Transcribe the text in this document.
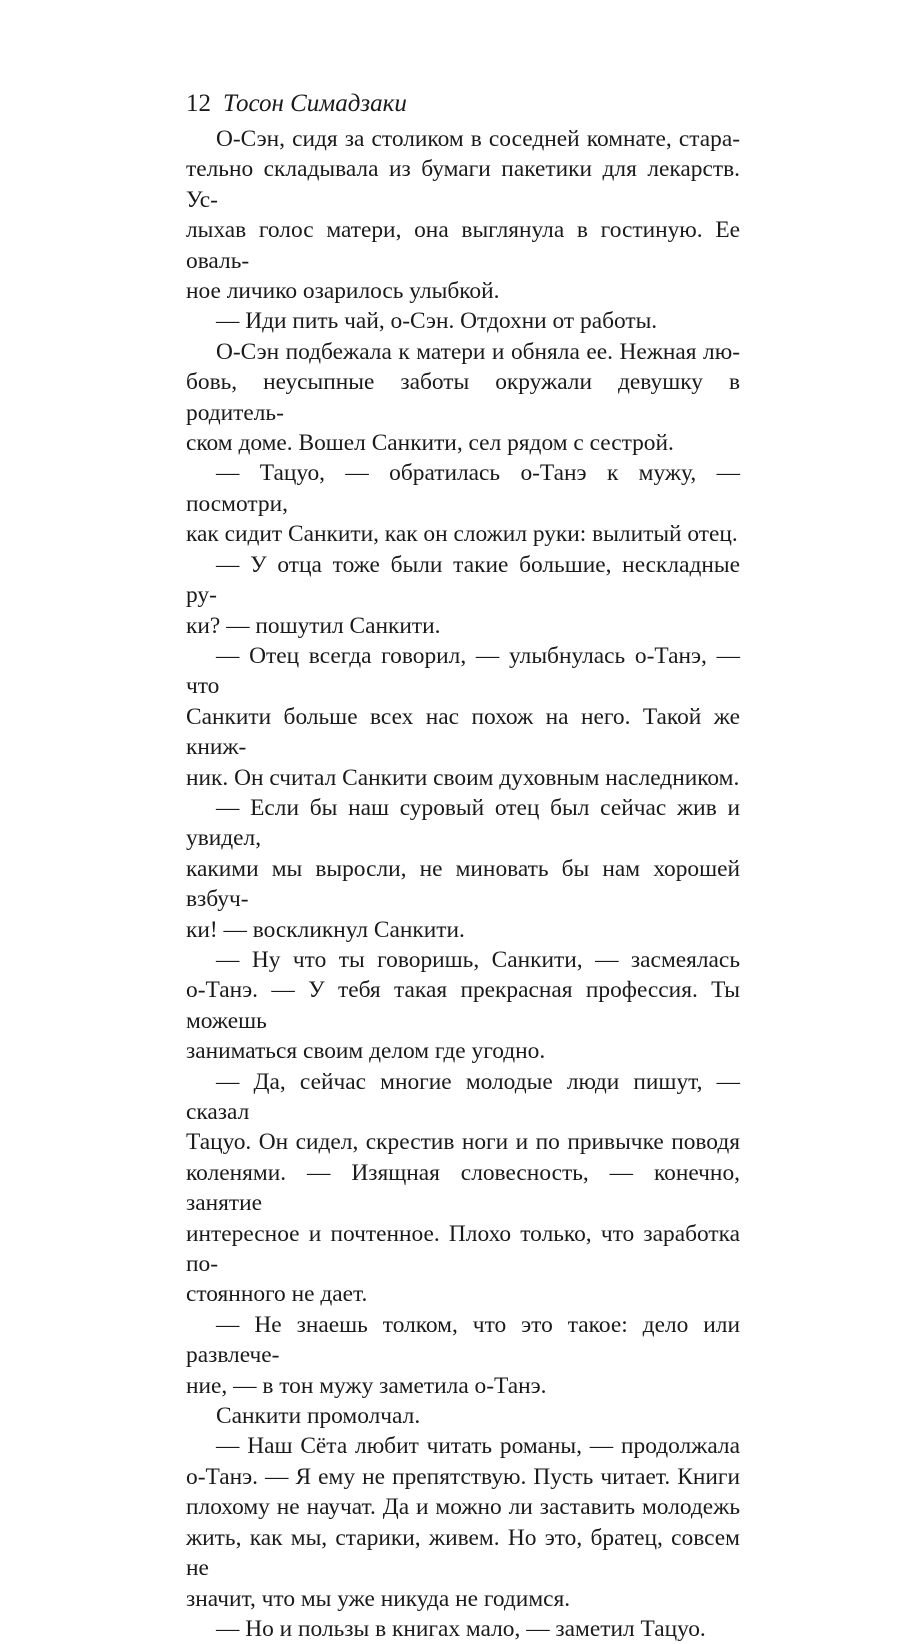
12 Тосон Симадзаки

О-Сэн, сидя за столиком в соседней комнате, стара-
тельно складывала из бумаги пакетики для лекарств. Ус-
лыхав голос матери, она выглянула в гостиную. Ее оваль-
ное личико озарилось улыбкой.

— Иди пить чай, о-Сэн. Отдохни от работы.

О-Сэн подбежала к матери и обняла ее. Нежная лю-
бовь, неусыпные заботы окружали девушку в родитель-
ском доме. Вошел Санкити, сел рядом с сестрой.

— Тацуо, — обратилась о-Танэ к мужу, — посмотри,
как сидит Санкити, как он сложил руки: вылитый отец.

— У отца тоже были такие большие, нескладные ру-
ки? — пошутил Санкити.

— Отец всегда говорил, — улыбнулась о-Танэ, — что
Санкити больше всех нас похож на него. Такой же книж-
ник. Он считал Санкити своим духовным наследником.

— Если бы наш суровый отец был сейчас жив и увидел,
какими мы выросли, не миновать бы нам хорошей взбуч-
ки! — воскликнул Санкити.

— Ну что ты говоришь, Санкити, — засмеялась
о-Танэ. — У тебя такая прекрасная профессия. Ты можешь
заниматься своим делом где угодно.

— Да, сейчас многие молодые люди пишут, — сказал
Тацуо. Он сидел, скрестив ноги и по привычке поводя
коленями. — Изящная словесность, — конечно, занятие
интересное и почтенное. Плохо только, что заработка по-
стоянного не дает.

— Не знаешь толком, что это такое: дело или развлече-
ние, — в тон мужу заметила о-Танэ.

Санкити промолчал.

— Наш Сёта любит читать романы, — продолжала
о-Танэ. — Я ему не препятствую. Пусть читает. Книги
плохому не научат. Да и можно ли заставить молодежь
жить, как мы, старики, живем. Но это, братец, совсем не
значит, что мы уже никуда не годимся.

— Но и пользы в книгах мало, — заметил Тацуо.
